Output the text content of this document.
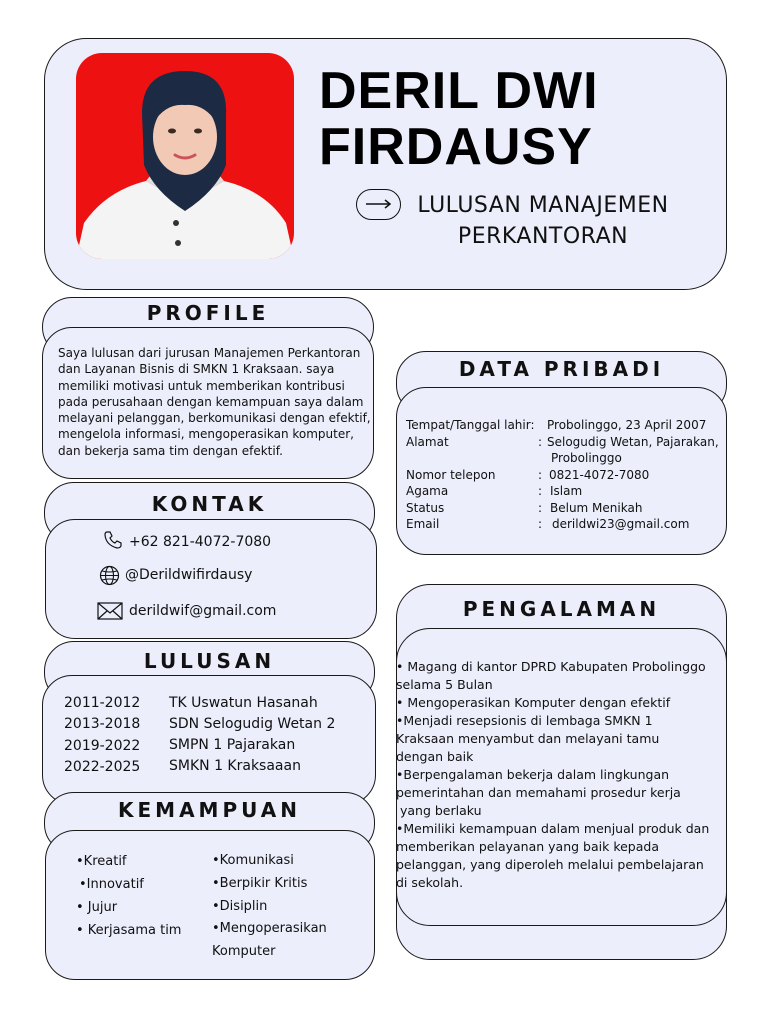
DERIL DWI
FIRDAUSY
LULUSAN MANAJEMEN
PERKANTORAN
PROFILE
Saya lulusan dari jurusan Manajemen Perkantoran
dan Layanan Bisnis di SMKN 1 Kraksaan. saya
memiliki motivasi untuk memberikan kontribusi
pada perusahaan dengan kemampuan saya dalam
melayani pelanggan, berkomunikasi dengan efektif,
mengelola informasi, mengoperasikan komputer,
dan bekerja sama tim dengan efektif.
KONTAK
+62 821-4072-7080
@Derildwifirdausy
derildwif@gmail.com
LULUSAN
2011-2012 TK Uswatun Hasanah
2013-2018 SDN Selogudig Wetan 2
2019-2022 SMPN 1 Pajarakan
2022-2025 SMKN 1 Kraksaaan
KEMAMPUAN
•Kreatif
•Innovatif
• Jujur
• Kerjasama tim
•Komunikasi
•Berpikir Kritis
•Disiplin
•Mengoperasikan
Komputer
DATA PRIBADI
Tempat/Tanggal lahir: Probolinggo, 23 April 2007
Alamat	: Selogudig Wetan, Pajarakan,
Probolinggo
Nomor telepon	: 0821-4072-7080
Agama	: Islam
Status	: Belum Menikah
Email	: derildwi23@gmail.com
PENGALAMAN
• Magang di kantor DPRD Kabupaten Probolinggo
selama 5 Bulan
• Mengoperasikan Komputer dengan efektif
•Menjadi resepsionis di lembaga SMKN 1
Kraksaan menyambut dan melayani tamu
dengan baik
•Berpengalaman bekerja dalam lingkungan
pemerintahan dan memahami prosedur kerja
yang berlaku
•Memiliki kemampuan dalam menjual produk dan
memberikan pelayanan yang baik kepada
pelanggan, yang diperoleh melalui pembelajaran
di sekolah.
